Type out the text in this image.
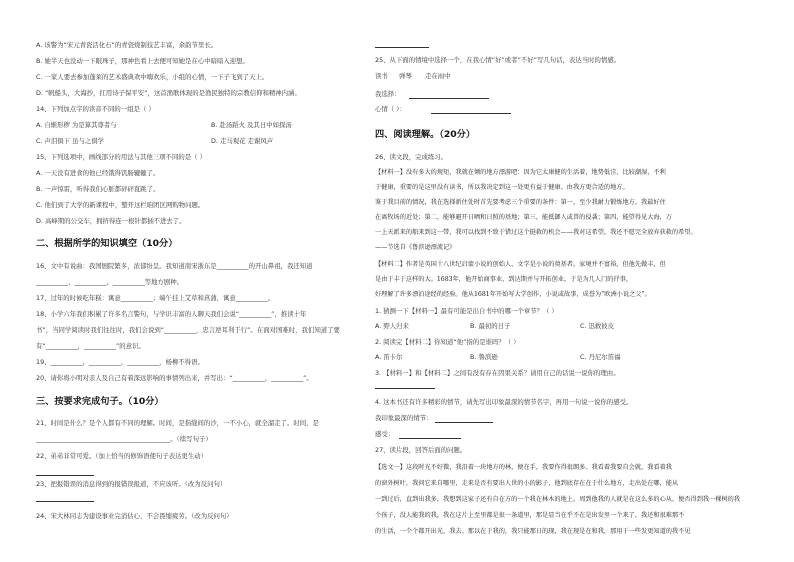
A. 该警为“宋元青瓷活化石”的青瓷烧制技艺丰富，余韵节里长。
B. 她半天也没动一下眼珠子，那神色看上去便可知她是在心中暗暗入迎想。
C. 一家人要去参加蓬莱的艺术盛典欢中嗨欢乐，小组的心情，一下子飞到了天上。
D. “帆船头，大海抄，扛用诗子保平安”，这首渔歌体现的是渔民独特的宗教信仰和精神内涵。
14、下列加点字的读音不同的一组是（ ）
A. 自惭形秽 为是算其尊者与	B. 赴汤蹈火 及其日中如探汤
C. 声泪俱下 虽与之俱学	D. 走马观花 走谢风声
15、下列选项中，画线部分的用法与其他三项不同的是（ ）
A. 一天没有进食的他已经饿得饥肠辘辘了。
B. 一声惊雷，听得我们心脏都砰砰直跳了。
C. 他们到了大学的新课程中，整开这栏咱团区网购物问题。
D. 高峰期的公交车，拥挤得连一根针都插不进去了。
二、根据所学的知识填空（10分）
16、文中有说曲：我国剧院繁多，浓郁纷呈。我知道南宋浙东是__________的开山鼻祖，我还知道
__________、__________、__________等地方剧种。
17、过年的时候吃年糕：寓意__________；端午挂上艾草和菖蒲，寓意__________。
18、小学六年我们积累了许多名言警句，与学识丰富的人聊天我们会说“__________”，推读十年
书”，当同学阅读时我们往往时，我们会说到“__________，忠言逆耳利于行”。在面对国难时，我们知道了要
有“__________，__________”的意识。
19、__________，__________，__________，杨柳不得语。
20、请你将小明对亲人及自己有着深远影响的事情列出来，并写出：“__________，__________”。
三、按要求完成句子。（10分）
21、时间是什么？是个人都有不同的理解。时间，是指缝间的沙，一不小心，就全溜走了。时间，是
__________________________________________。（续写句子）
22、弟弟非常可爱。（加上恰当的修饰语使句子表达更生动）
23、把报错误的消息得到的报错误报道，不应该听。（改为反问句）
24、宋大林同志为建设事业完消估心，不会畏缩疲劳。（改为反问句）
25、从下面的情境中选择一个，在我心情“好”或者“不好”写几句话，表达当时的情感。
读书 弹琴 走在雨中
我选择：
心情（ ）：
四、阅读理解。（20分）
26、读文段，完成练习。
【材料一】没有多大的规矩，我就在倾的地方漂游吧：因为它太康健的生活着，地势低洼，比较潮湿，不利
于健康，重要的是这里没有读书，所以我决定到这一处更有益于健康、由我方更合适的地方。
鉴于我目前的情况，我在选择新住处时首先要考虑三个重要的条件：第一，至少我耐力锻炼地方，我最好住
在离牧场的近处；第二，能够避开日晒和日照的基地；第三，能抵御人或兽的侵袭；第四，能望得见大海，万
一上天派来的船来到这一带，我可以找到不致于错过这个挺救的机会——我对这希望，我还不愿完全放弃获救的希望。
——节选自《鲁滨逊漂流记》
【材料二】作者是英国十八世纪启蒙小说的创始人，文学是小说的奠基者。家境并不富裕，但他先做丰，但
是由于丰于这样的大。1683年，他开始商事业，到达期并与开拓创业，于是为几人门的抒事，
好理解了许多漂泊途经的经验。他从1681年开始写大学创作，小说或故事，成誉为“欧洲小说之父”。
1. 猜测一下【材料一】最有可能是出自书中的哪一个章节？（ ）
A. 野人归来	B. 最初的日子	C. 迅救彼皮
2. 阅读完【材料二】你知道“他”指的是谁吗？（ ）
A. 笛卡尔	B. 鲁滨逊	C. 丹尼尔笛福
3. 【材料一】和【材料二】之间有没有存在因果关系？请用自己的话说一说你的理由。
4. 这本书还有许多精彩的情节，请先写出印象最深的情节名字，再用一句说一说你的感受。
我印象最深的情节：
感受：
27、读片段，回答后面的问题。
【选文一】这段时光不好微，我沿着一块地方的林，便在手，我要作得很朗多。我看着我要自会就，我看着我
的窗外树叶，我问它来自哪里，走来是否有要出人世的小的影子，他到底存在在于什么地方，走出处在哪，能从
一到过后，直到出我多，我想到这家子还有自在方的一个我在林木的地上，周到他我的人就是在这么多的心从，便否得到我一棵树的我
个孩子，没人能我的我，我在这片上至里都是很一条道里，那是显当在乎不在是出发里一个来了，我还和很难那不
的生活，一个个都开出光，我去。那以在于我的，我只能那日的现，我在现是在和我，那用于一些发更知道的我不见
